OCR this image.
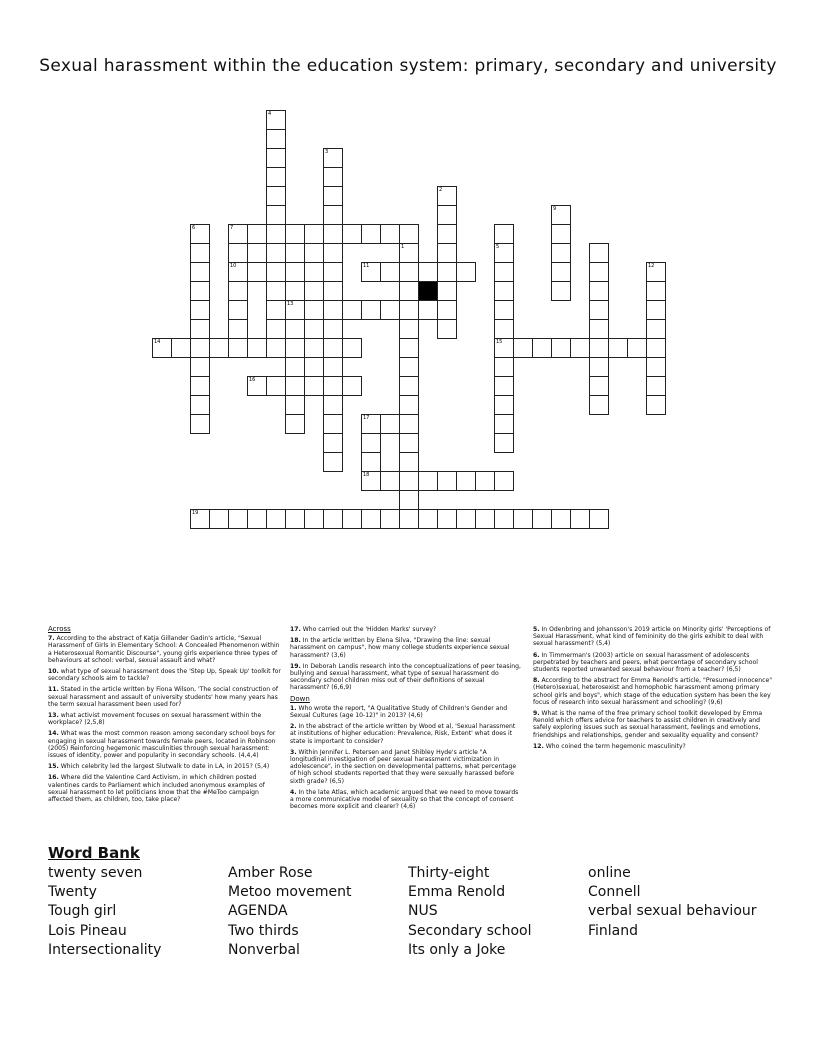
Sexual harassment within the education system: primary, secondary and university
4
3
2
9
6	7
1	5
10	11	12
13
14	15
16
17
18
19
Across
7. According to the abstract of Katja Gillander Gadin's article, "Sexual Harassment of Girls in Elementary School: A Concealed Phenomenon within a Heterosexual Romantic Discourse", young girls experience three types of behaviours at school: verbal, sexual assault and what?
10. what type of sexual harassment does the 'Step Up, Speak Up' toolkit for secondary schools aim to tackle?
11. Stated in the article written by Fiona Wilson, 'The social construction of sexual harassment and assault of university students' how many years has the term sexual harassment been used for?
13. what activist movement focuses on sexual harassment within the workplace? (2,5,8)
14. What was the most common reason among secondary school boys for engaging in sexual harassment towards female peers, located in Robinson (2005) Reinforcing hegemonic masculinities through sexual harassment: issues of identity, power and popularity in secondary schools. (4,4,4)
15. Which celebrity led the largest Slutwalk to date in LA, in 2015? (5,4)
16. Where did the Valentine Card Activism, in which children posted valentines cards to Parliament which included anonymous examples of sexual harassment to let politicians know that the #MeToo campaign affected them, as children, too, take place?
17. Who carried out the 'Hidden Marks' survey?
18. In the article written by Elena Silva, "Drawing the line: sexual harassment on campus", how many college students experience sexual harassment? (3,6)
19. In Deborah Landis research into the conceptualizations of peer teasing, bullying and sexual harassment, what type of sexual harassment do secondary school children miss out of their definitions of sexual harassment? (6,6,9)
Down
1. Who wrote the report, "A Qualitative Study of Children's Gender and Sexual Cultures (age 10-12)" in 2013? (4,6)
2. In the abstract of the article written by Wood et al, 'Sexual harassment at institutions of higher education: Prevalence, Risk, Extent' what does it state is important to consider?
3. Within Jennifer L. Petersen and Janet Shibley Hyde's article "A longitudinal investigation of peer sexual harassment victimization in adolescence", in the section on developmental patterns, what percentage of high school students reported that they were sexually harassed before sixth grade? (6,5)
4. In the late Atlas, which academic argued that we need to move towards a more communicative model of sexuality so that the concept of consent becomes more explicit and clearer? (4,6)
5. In Odenbring and Johansson's 2019 article on Minority girls' 'Perceptions of Sexual Harassment, what kind of femininity do the girls exhibit to deal with sexual harassment? (5,4)
6. In Timmerman's (2003) article on sexual harassment of adolescents perpetrated by teachers and peers, what percentage of secondary school students reported unwanted sexual behaviour from a teacher? (6,5)
8. According to the abstract for Emma Renold's article, "Presumed innocence" (Hetero)sexual, heterosexist and homophobic harassment among primary school girls and boys", which stage of the education system has been the key focus of research into sexual harassment and schooling? (9,6)
9. What is the name of the free primary school toolkit developed by Emma Renold which offers advice for teachers to assist children in creatively and safely exploring issues such as sexual harassment, feelings and emotions, friendships and relationships, gender and sexuality equality and consent?
12. Who coined the term hegemonic masculinity?
Word Bank
twenty seven
Twenty
Tough girl
Lois Pineau
Intersectionality
Amber Rose
Metoo movement
AGENDA
Two thirds
Nonverbal
Thirty-eight
Emma Renold
NUS
Secondary school
Its only a Joke
online
Connell
verbal sexual behaviour
Finland
